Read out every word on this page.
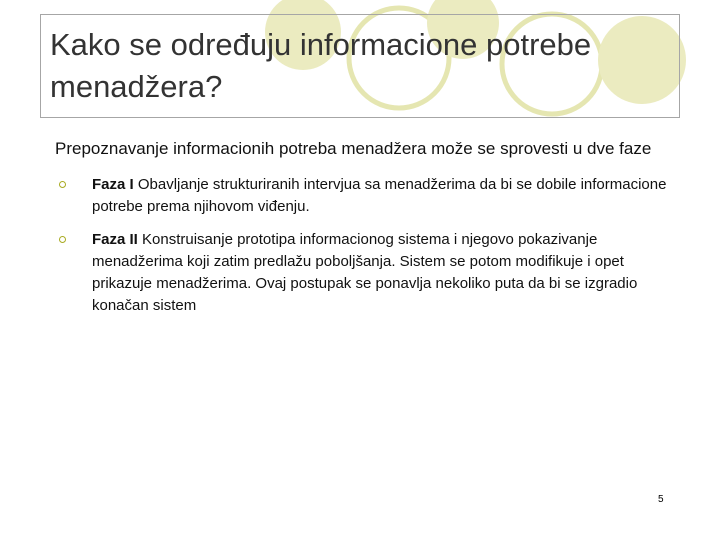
Kako se određuju informacione potrebe menadžera?

Prepoznavanje informacionih potreba menadžera može se sprovesti u dve faze

Faza I Obavljanje strukturiranih intervjua sa menadžerima da bi se dobile informacione potrebe prema njihovom viđenju.

Faza II Konstruisanje prototipa informacionog sistema i njegovo pokazivanje menadžerima koji zatim predlažu poboljšanja. Sistem se potom modifikuje i opet prikazuje menadžerima. Ovaj postupak se ponavlja nekoliko puta da bi se izgradio konačan sistem

5
